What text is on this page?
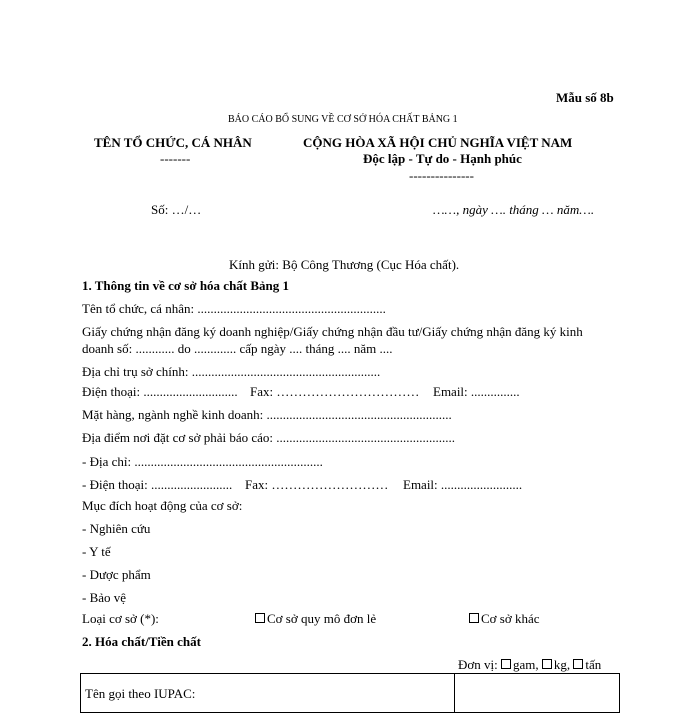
Mẫu số 8b
BÁO CÁO BỔ SUNG VỀ CƠ SỞ HÓA CHẤT BẢNG 1
TÊN TỔ CHỨC, CÁ NHÂN
-------
CỘNG HÒA XÃ HỘI CHỦ NGHĨA VIỆT NAM
Độc lập - Tự do - Hạnh phúc
---------------
Số: …/…	……, ngày …. tháng … năm….
Kính gửi: Bộ Công Thương (Cục Hóa chất).
1. Thông tin về cơ sở hóa chất Bảng 1
Tên tổ chức, cá nhân: ..........................................................
Giấy chứng nhận đăng ký doanh nghiệp/Giấy chứng nhận đầu tư/Giấy chứng nhận đăng ký kinh
doanh số: ............ do ............. cấp ngày .... tháng .... năm ....
Địa chỉ trụ sở chính: ..........................................................
Điện thoại: ............................. Fax: …………………………… Email: ...............
Mặt hàng, ngành nghề kinh doanh: .........................................................
Địa điểm nơi đặt cơ sở phải báo cáo: .......................................................
- Địa chỉ: ..........................................................
- Điện thoại: ......................... Fax: ……………………… Email: .........................
Mục đích hoạt động của cơ sở:
- Nghiên cứu
- Y tế
- Dược phẩm
- Bảo vệ
Loại cơ sở (*):	Cơ sở quy mô đơn lẻ	Cơ sở khác
2. Hóa chất/Tiền chất
Đơn vị: gam, kg, tấn
Tên gọi theo IUPAC:
